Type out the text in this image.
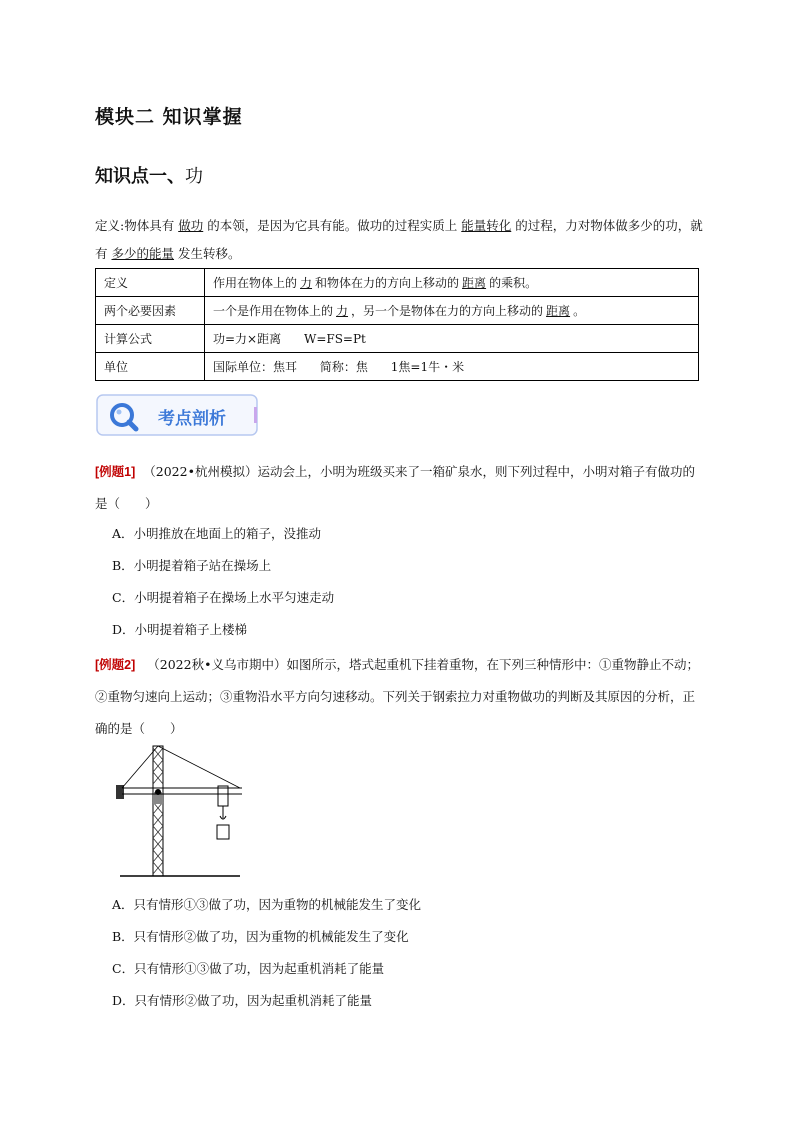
模块二 知识掌握
知识点一、功
定义:物体具有 做功 的本领，是因为它具有能。做功的过程实质上 能量转化 的过程，力对物体做多少的功，就有 多少的能量 发生转移。
定义	作用在物体上的 力 和物体在力的方向上移动的 距离 的乘积。
两个必要因素	一个是作用在物体上的 力 ，另一个是物体在力的方向上移动的 距离 。
计算公式	功=力×距离      W=FS=Pt
单位	国际单位：焦耳      简称：焦      1焦=1牛・米
考点剖析
[例题1] （2022•杭州模拟）运动会上，小明为班级买来了一箱矿泉水，则下列过程中，小明对箱子有做功的是（　　）
A．小明推放在地面上的箱子，没推动
B．小明提着箱子站在操场上
C．小明提着箱子在操场上水平匀速走动
D．小明提着箱子上楼梯
[例题2] （2022秋•义乌市期中）如图所示，塔式起重机下挂着重物，在下列三种情形中：①重物静止不动；②重物匀速向上运动；③重物沿水平方向匀速移动。下列关于钢索拉力对重物做功的判断及其原因的分析，正确的是（　　）
A．只有情形①③做了功，因为重物的机械能发生了变化
B．只有情形②做了功，因为重物的机械能发生了变化
C．只有情形①③做了功，因为起重机消耗了能量
D．只有情形②做了功，因为起重机消耗了能量
